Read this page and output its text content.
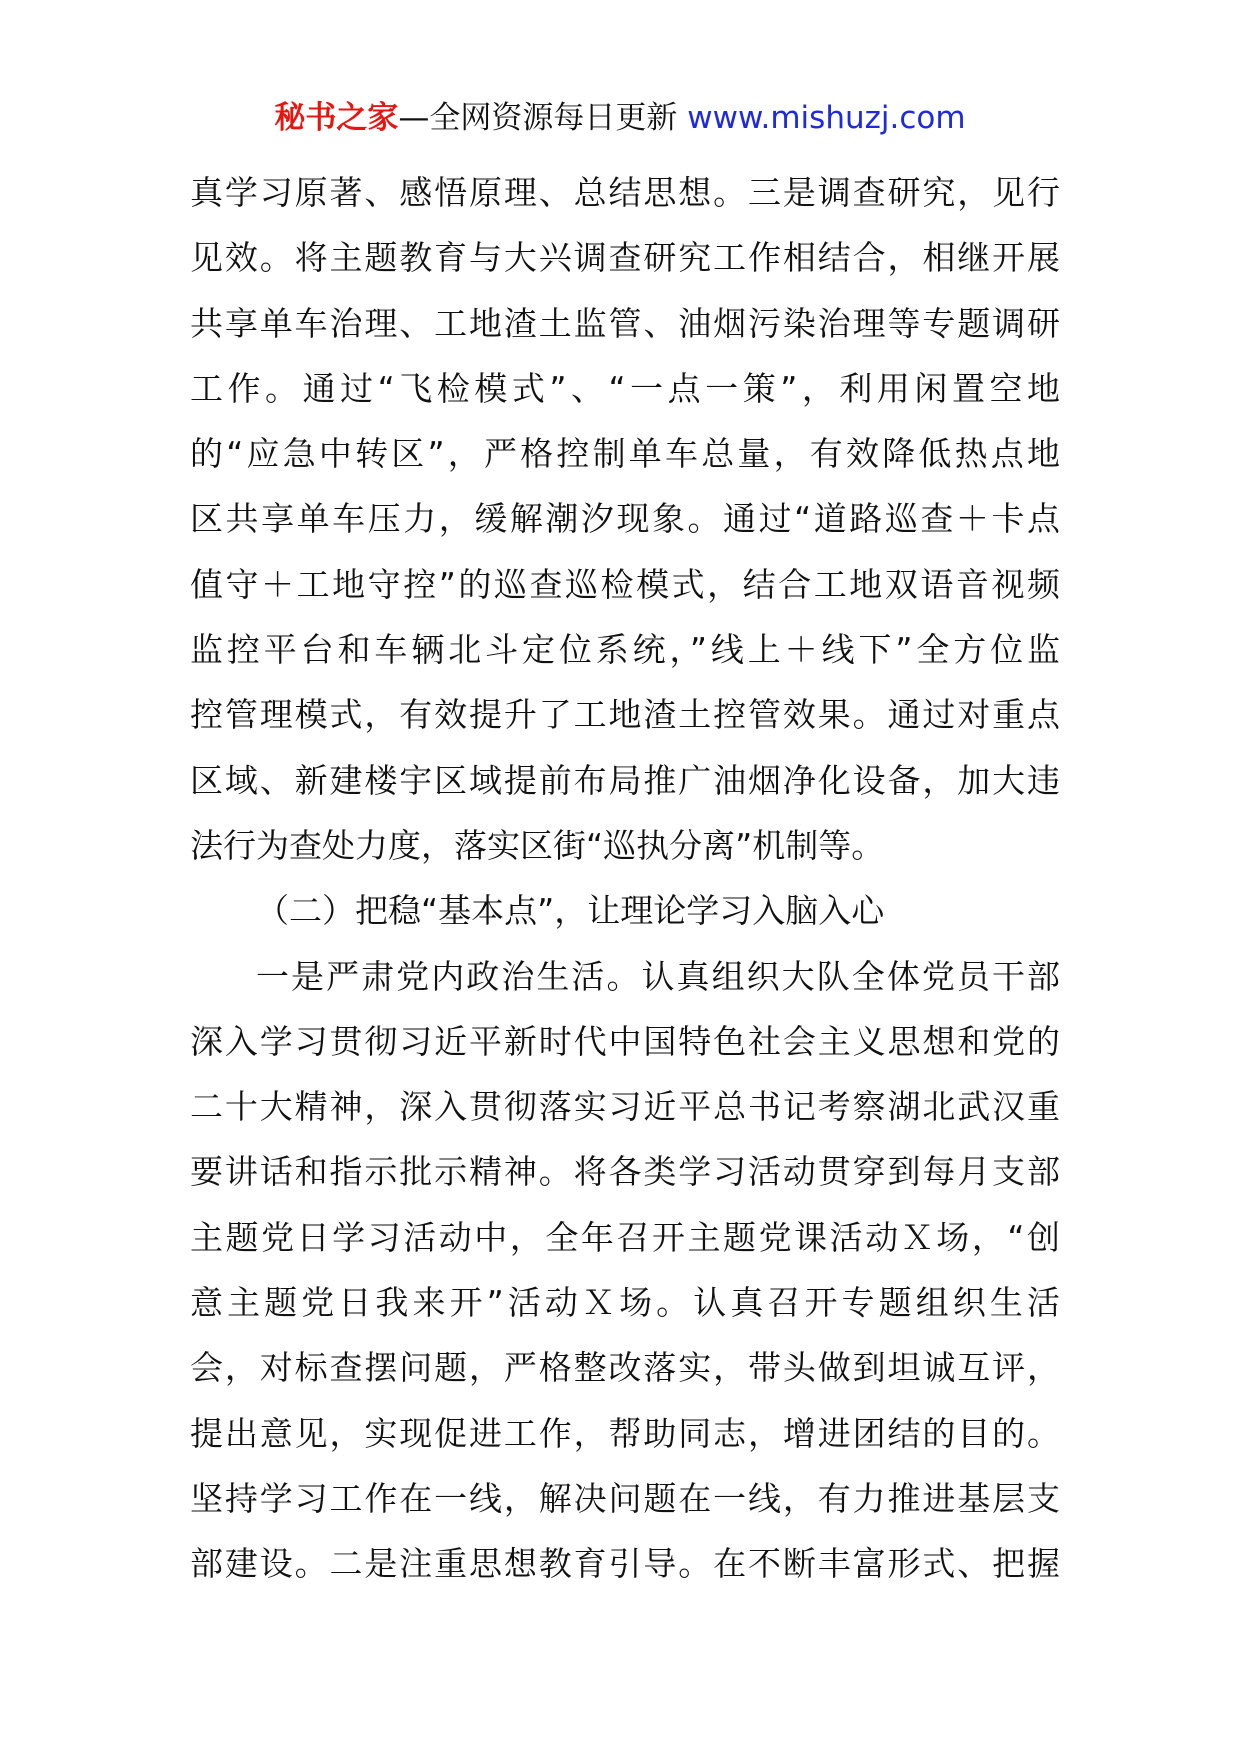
秘书之家—全网资源每日更新 www.mishuzj.com
真学习原著、感悟原理、总结思想。三是调查研究，见行
见效。将主题教育与大兴调查研究工作相结合，相继开展
共享单车治理、工地渣土监管、油烟污染治理等专题调研
工作。通过“飞检模式”、“一点一策”，利用闲置空地
的“应急中转区”，严格控制单车总量，有效降低热点地
区共享单车压力，缓解潮汐现象。通过“道路巡查＋卡点
值守＋工地守控”的巡查巡检模式，结合工地双语音视频
监控平台和车辆北斗定位系统，”线上＋线下”全方位监
控管理模式，有效提升了工地渣土控管效果。通过对重点
区域、新建楼宇区域提前布局推广油烟净化设备，加大违
法行为查处力度，落实区街“巡执分离”机制等。
（二）把稳“基本点”，让理论学习入脑入心
一是严肃党内政治生活。认真组织大队全体党员干部
深入学习贯彻习近平新时代中国特色社会主义思想和党的
二十大精神，深入贯彻落实习近平总书记考察湖北武汉重
要讲话和指示批示精神。将各类学习活动贯穿到每月支部
主题党日学习活动中，全年召开主题党课活动Ｘ场，“创
意主题党日我来开”活动Ｘ场。认真召开专题组织生活
会，对标查摆问题，严格整改落实，带头做到坦诚互评，
提出意见，实现促进工作，帮助同志，增进团结的目的。
坚持学习工作在一线，解决问题在一线，有力推进基层支
部建设。二是注重思想教育引导。在不断丰富形式、把握
